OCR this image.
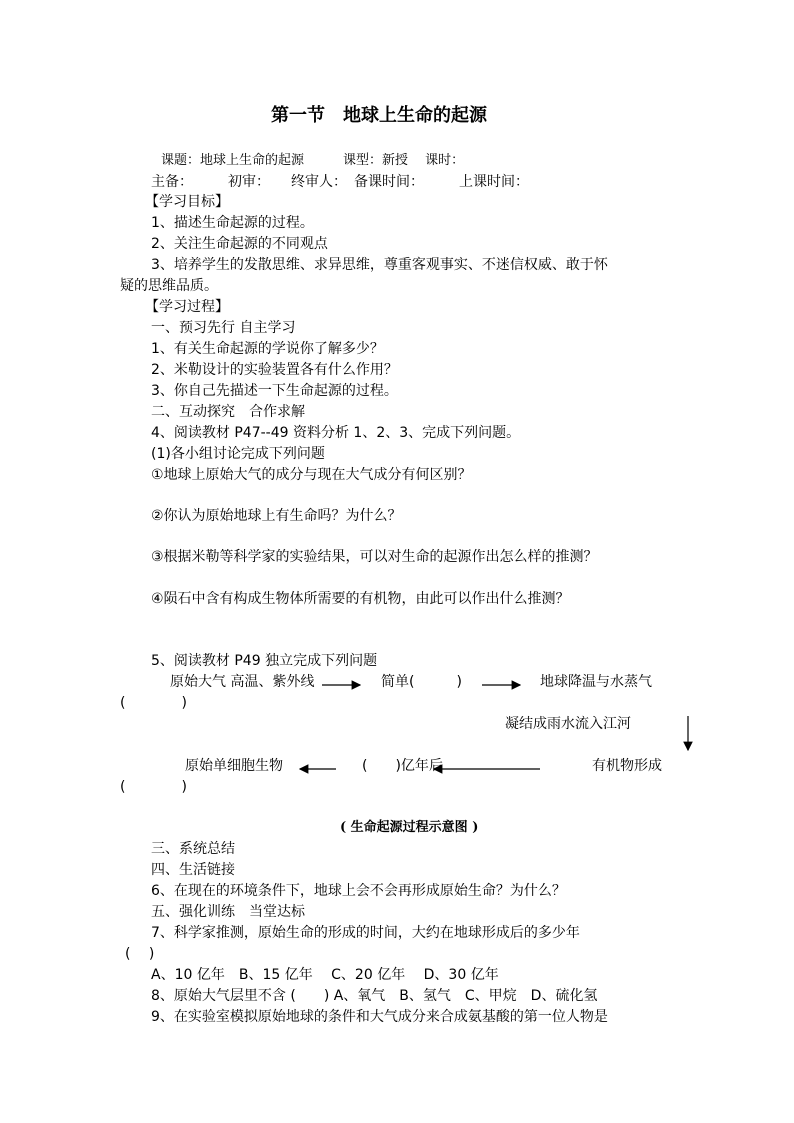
第一节　地球上生命的起源
课题：地球上生命的起源　　　课型：新授　 课时：
主备：　　　初审：　　终审人：　备课时间：　　　上课时间：
【学习目标】
1、描述生命起源的过程。
2、关注生命起源的不同观点
3、培养学生的发散思维、求异思维，尊重客观事实、不迷信权威、敢于怀
疑的思维品质。
【学习过程】
一、预习先行 自主学习
1、有关生命起源的学说你了解多少？
2、米勒设计的实验装置各有什么作用？
3、你自己先描述一下生命起源的过程。
二、互动探究　合作求解
4、阅读教材 P47--49 资料分析 1、2、3、完成下列问题。
(1)各小组讨论完成下列问题
①地球上原始大气的成分与现在大气成分有何区别？
②你认为原始地球上有生命吗？为什么？
③根据米勒等科学家的实验结果，可以对生命的起源作出怎么样的推测？
④陨石中含有构成生物体所需要的有机物，由此可以作出什么推测？
5、阅读教材 P49 独立完成下列问题
原始大气 高温、紫外线	简单(　　　)	地球降温与水蒸气
(　　　　)
凝结成雨水流入江河
原始单细胞生物	(　　)亿年后	有机物形成
(　　　　)
( 生命起源过程示意图 )
三、系统总结
四、生活链接
6、在现在的环境条件下，地球上会不会再形成原始生命？为什么？
五、强化训练　当堂达标
7、科学家推测，原始生命的形成的时间，大约在地球形成后的多少年
(　 )
A、10 亿年　B、15 亿年　 C、20 亿年　 D、30 亿年
8、原始大气层里不含 (　　) A、氧气　B、氢气　C、甲烷　D、硫化氢
9、在实验室模拟原始地球的条件和大气成分来合成氨基酸的第一位人物是
